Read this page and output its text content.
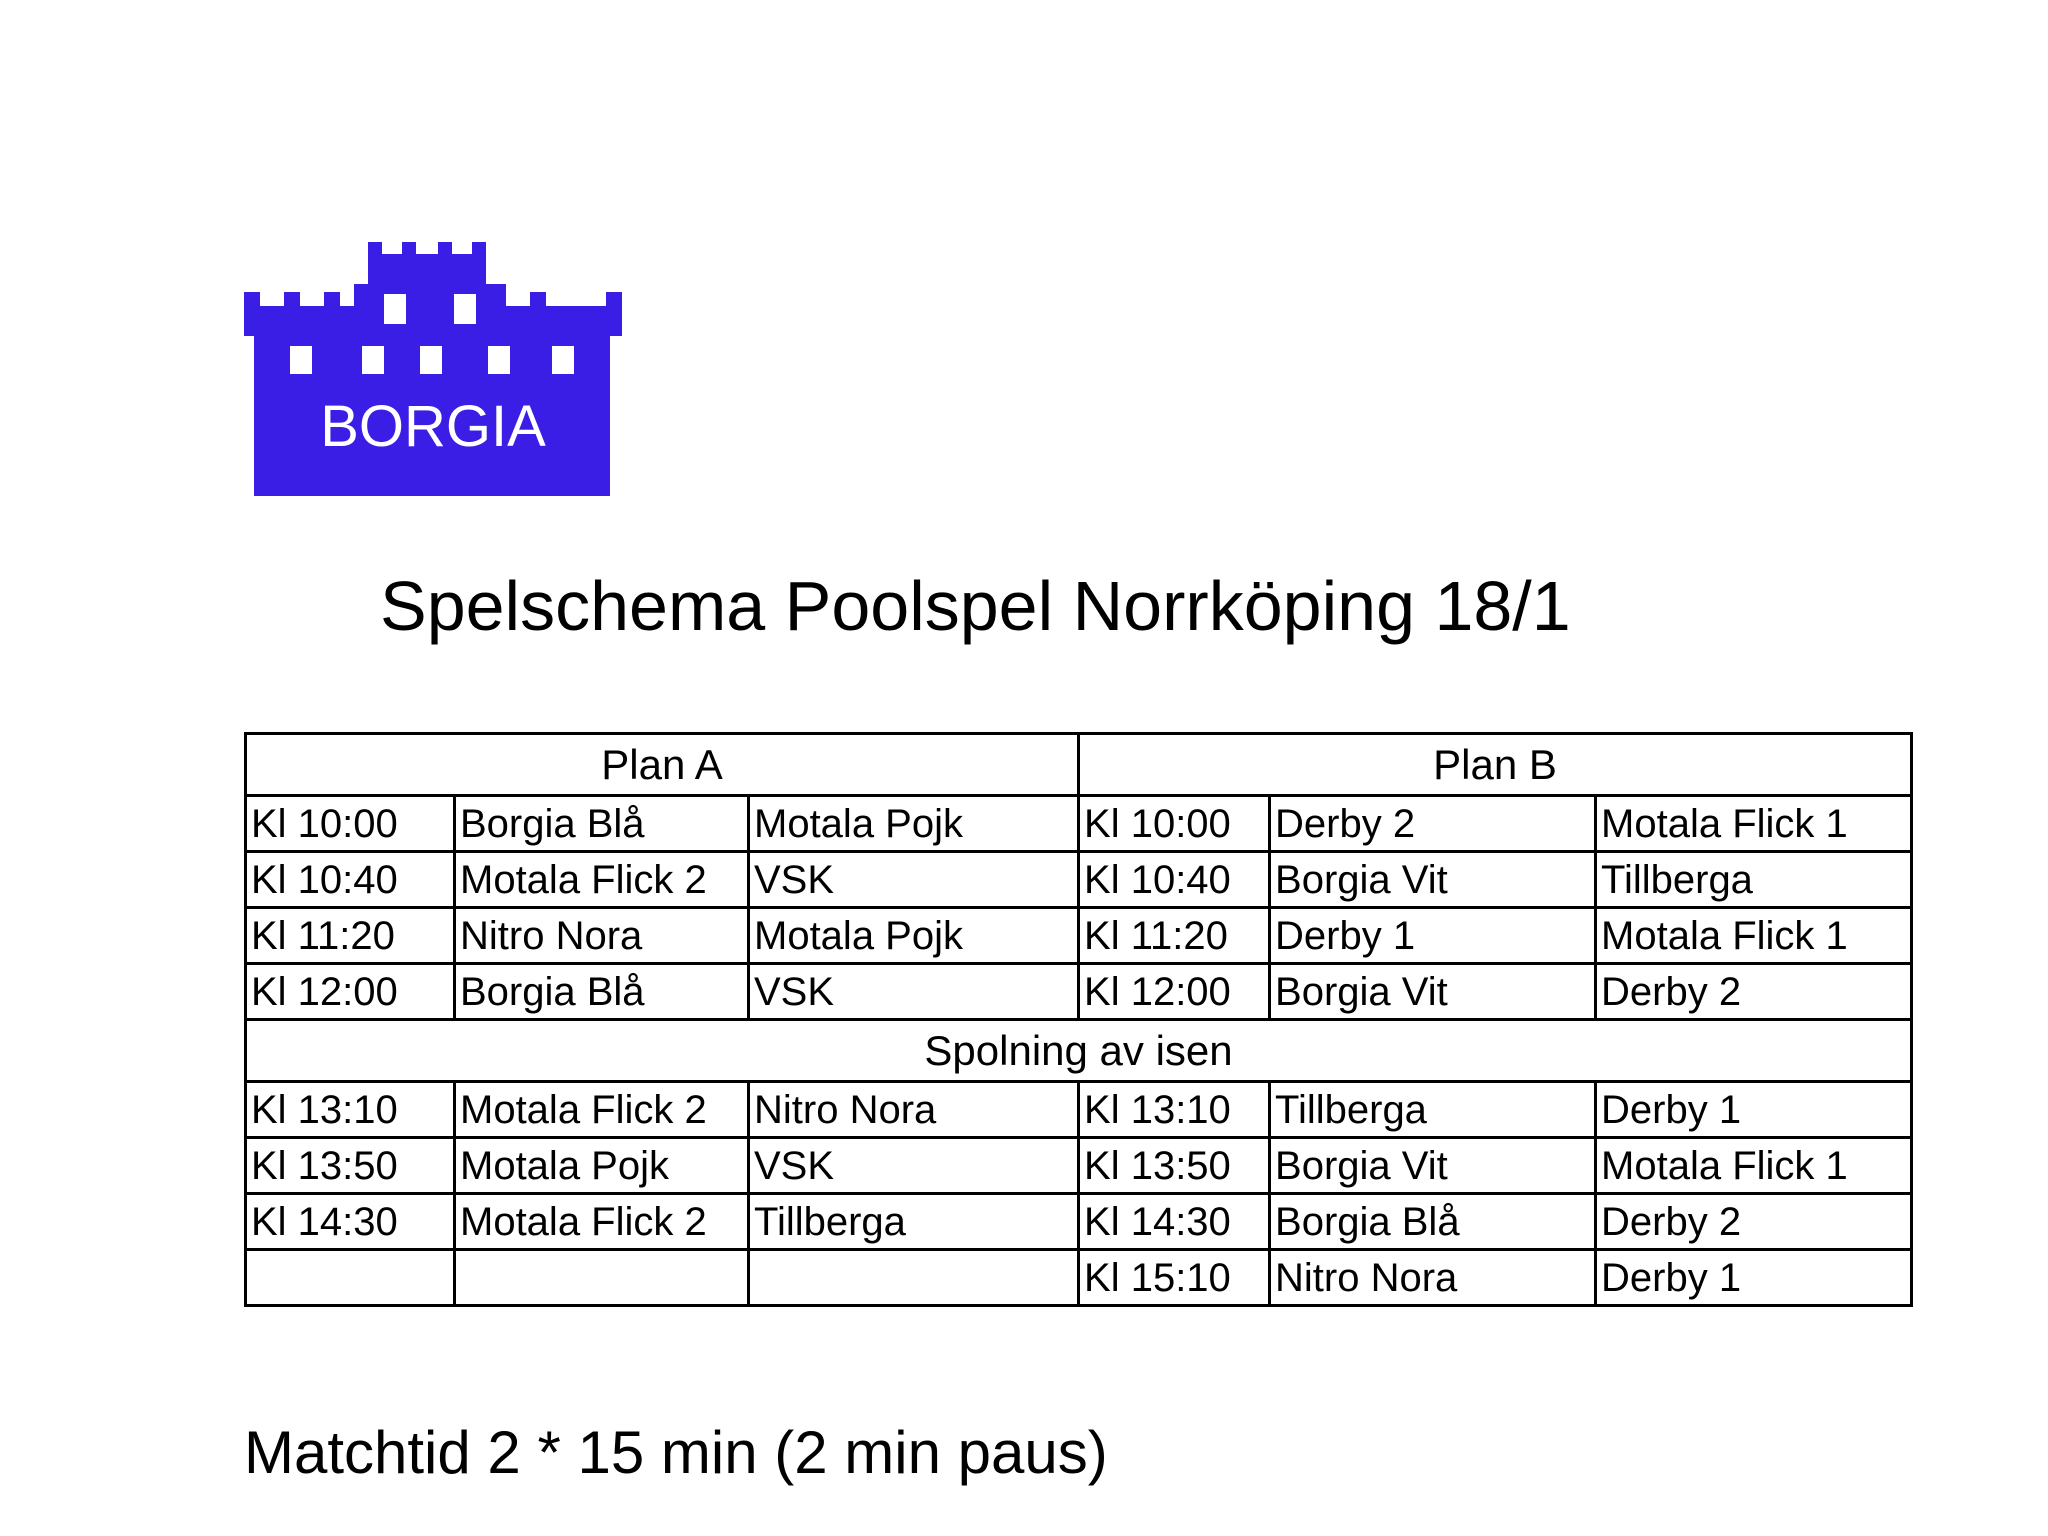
BORGIA
Spelschema Poolspel Norrköping 18/1
Plan A			Plan B		
Kl 10:00	Borgia Blå	Motala Pojk	Kl 10:00	Derby 2	Motala Flick 1
Kl 10:40	Motala Flick 2	VSK	Kl 10:40	Borgia Vit	Tillberga
Kl 11:20	Nitro Nora	Motala Pojk	Kl 11:20	Derby 1	Motala Flick 1
Kl 12:00	Borgia Blå	VSK	Kl 12:00	Borgia Vit	Derby 2
Spolning av isen					
Kl 13:10	Motala Flick 2	Nitro Nora	Kl 13:10	Tillberga	Derby 1
Kl 13:50	Motala Pojk	VSK	Kl 13:50	Borgia Vit	Motala Flick 1
Kl 14:30	Motala Flick 2	Tillberga	Kl 14:30	Borgia Blå	Derby 2
			Kl 15:10	Nitro Nora	Derby 1
Matchtid 2 * 15 min (2 min paus)
